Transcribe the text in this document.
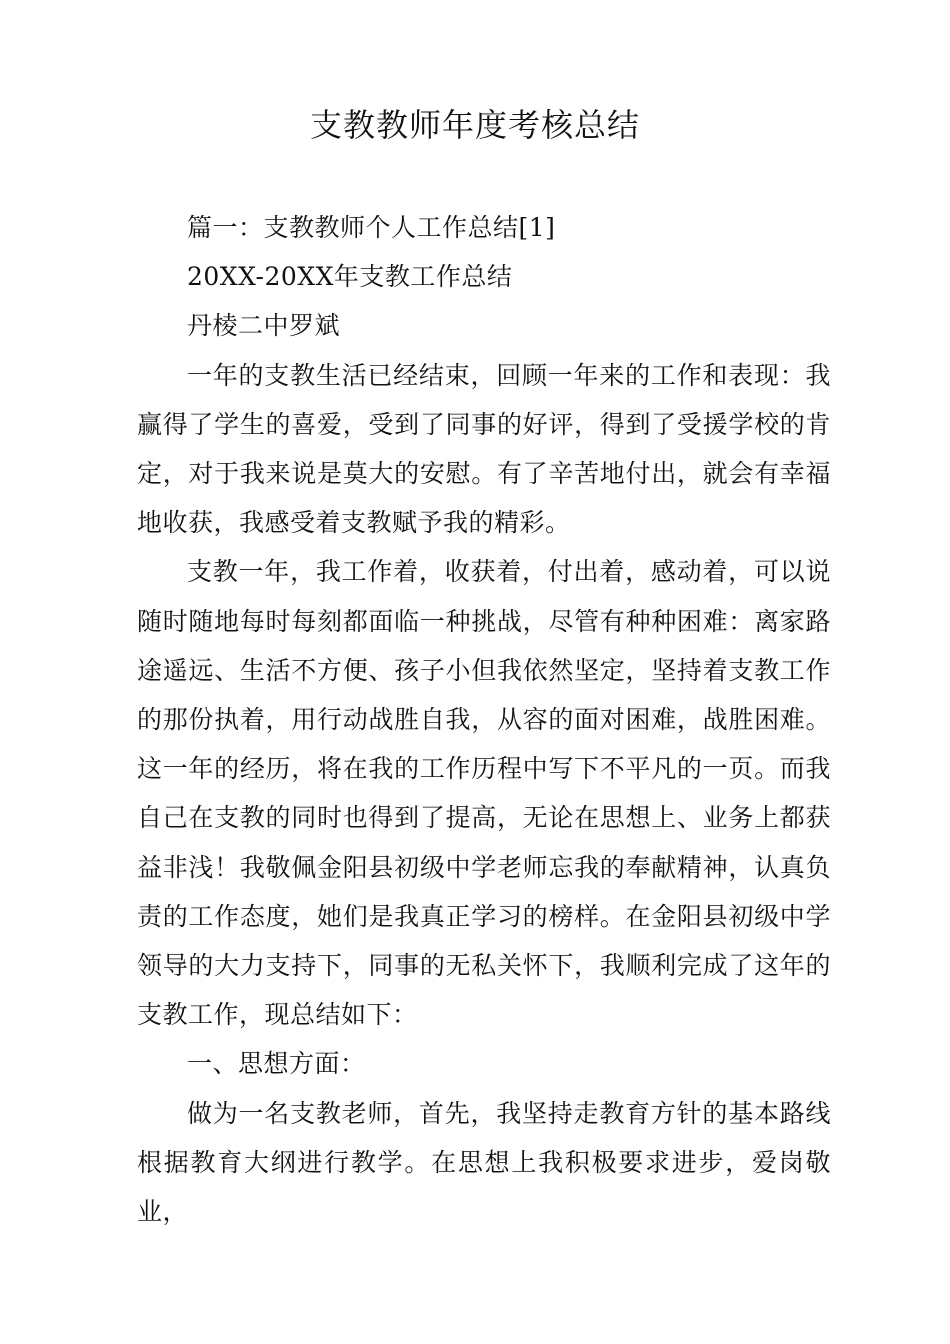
支教教师年度考核总结

篇一：支教教师个人工作总结[1]

20XX-20XX年支教工作总结

丹棱二中罗斌

一年的支教生活已经结束，回顾一年来的工作和表现：我赢得了学生的喜爱，受到了同事的好评，得到了受援学校的肯定，对于我来说是莫大的安慰。有了辛苦地付出，就会有幸福地收获，我感受着支教赋予我的精彩。

支教一年，我工作着，收获着，付出着，感动着，可以说随时随地每时每刻都面临一种挑战，尽管有种种困难：离家路途遥远、生活不方便、孩子小但我依然坚定，坚持着支教工作的那份执着，用行动战胜自我，从容的面对困难，战胜困难。这一年的经历，将在我的工作历程中写下不平凡的一页。而我自己在支教的同时也得到了提高，无论在思想上、业务上都获益非浅！我敬佩金阳县初级中学老师忘我的奉献精神，认真负责的工作态度，她们是我真正学习的榜样。在金阳县初级中学领导的大力支持下，同事的无私关怀下，我顺利完成了这年的支教工作，现总结如下：

一、思想方面：

做为一名支教老师，首先，我坚持走教育方针的基本路线根据教育大纲进行教学。在思想上我积极要求进步，爱岗敬业，
